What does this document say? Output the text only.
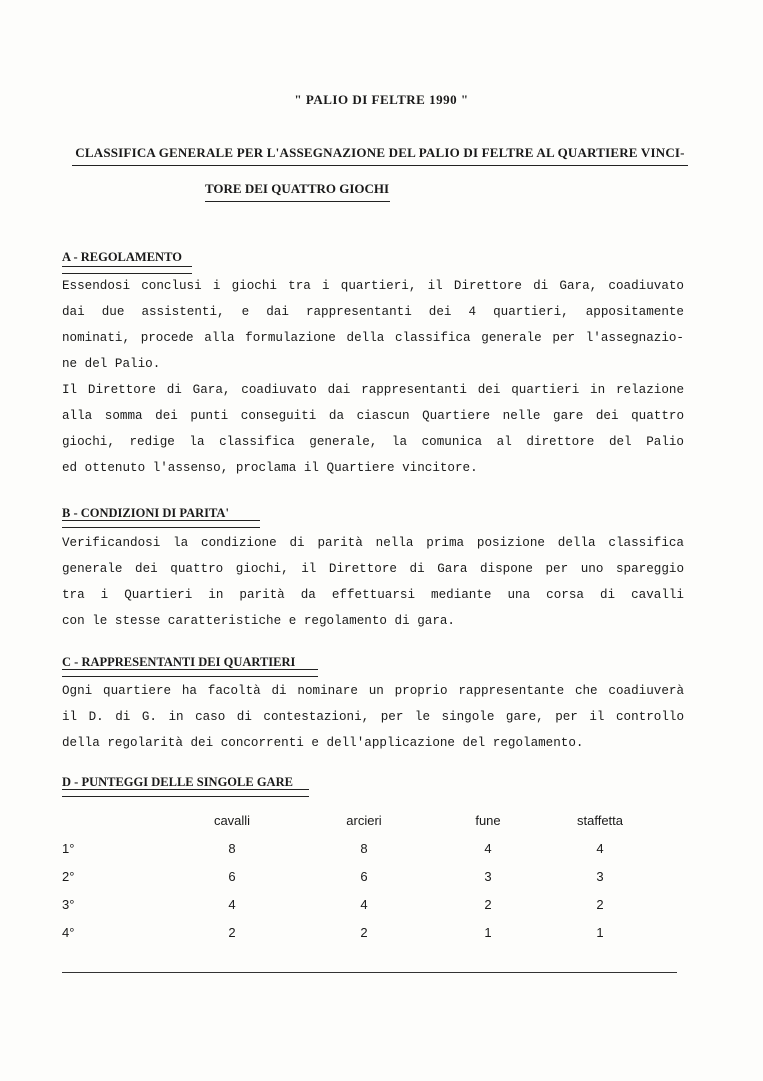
" PALIO DI FELTRE 1990 "
CLASSIFICA GENERALE PER L'ASSEGNAZIONE DEL PALIO DI FELTRE AL QUARTIERE VINCI-
TORE DEI QUATTRO GIOCHI
A - REGOLAMENTO
Essendosi conclusi i giochi tra i quartieri, il Direttore di Gara, coadiuvato
dai due assistenti, e dai rappresentanti dei 4 quartieri, appositamente
nominati, procede alla formulazione della classifica generale per l'assegnazio-
ne del Palio.
Il Direttore di Gara, coadiuvato dai rappresentanti dei quartieri in relazione
alla somma dei punti conseguiti da ciascun Quartiere nelle gare dei quattro
giochi, redige la classifica generale, la comunica al direttore del Palio
ed ottenuto l'assenso, proclama il Quartiere vincitore.
B - CONDIZIONI DI PARITA'
Verificandosi la condizione di parità nella prima posizione della classifica
generale dei quattro giochi, il Direttore di Gara dispone per uno spareggio
tra i Quartieri in parità da effettuarsi mediante una corsa di cavalli
con le stesse caratteristiche e regolamento di gara.
C - RAPPRESENTANTI DEI QUARTIERI
Ogni quartiere ha facoltà di nominare un proprio rappresentante che coadiuverà
il D. di G. in caso di contestazioni, per le singole gare, per il controllo
della regolarità dei concorrenti e dell'applicazione del regolamento.
D - PUNTEGGI DELLE SINGOLE GARE
	cavalli	arcieri	fune	staffetta
1°	8	8	4	4
2°	6	6	3	3
3°	4	4	2	2
4°	2	2	1	1
